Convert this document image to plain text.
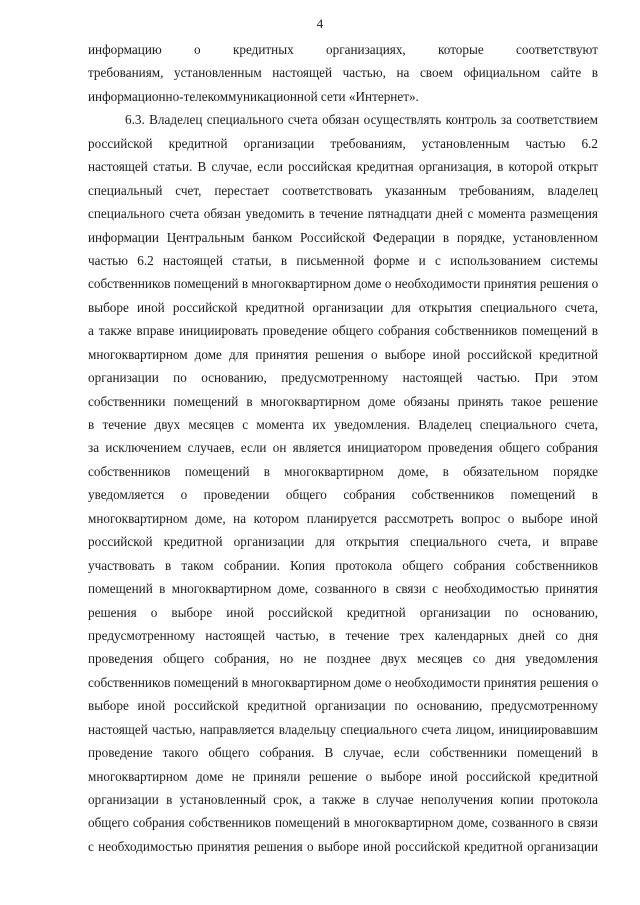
4
информацию о кредитных организациях, которые соответствуют
требованиям, установленным настоящей частью, на своем официальном сайте в
информационно-телекоммуникационной сети «Интернет».
6.3. Владелец специального счета обязан осуществлять контроль за соответствием
российской кредитной организации требованиям, установленным частью 6.2
настоящей статьи. В случае, если российская кредитная организация, в которой открыт
специальный счет, перестает соответствовать указанным требованиям, владелец
специального счета обязан уведомить в течение пятнадцати дней с момента размещения
информации Центральным банком Российской Федерации в порядке, установленном
частью 6.2 настоящей статьи, в письменной форме и с использованием системы
собственников помещений в многоквартирном доме о необходимости принятия решения о
выборе иной российской кредитной организации для открытия специального счета,
а также вправе инициировать проведение общего собрания собственников помещений в
многоквартирном доме для принятия решения о выборе иной российской кредитной
организации по основанию, предусмотренному настоящей частью. При этом
собственники помещений в многоквартирном доме обязаны принять такое решение
в течение двух месяцев с момента их уведомления. Владелец специального счета,
за исключением случаев, если он является инициатором проведения общего собрания
собственников помещений в многоквартирном доме, в обязательном порядке
уведомляется о проведении общего собрания собственников помещений в
многоквартирном доме, на котором планируется рассмотреть вопрос о выборе иной
российской кредитной организации для открытия специального счета, и вправе
участвовать в таком собрании. Копия протокола общего собрания собственников
помещений в многоквартирном доме, созванного в связи с необходимостью принятия
решения о выборе иной российской кредитной организации по основанию,
предусмотренному настоящей частью, в течение трех календарных дней со дня
проведения общего собрания, но не позднее двух месяцев со дня уведомления
собственников помещений в многоквартирном доме о необходимости принятия решения о
выборе иной российской кредитной организации по основанию, предусмотренному
настоящей частью, направляется владельцу специального счета лицом, инициировавшим
проведение такого общего собрания. В случае, если собственники помещений в
многоквартирном доме не приняли решение о выборе иной российской кредитной
организации в установленный срок, а также в случае неполучения копии протокола
общего собрания собственников помещений в многоквартирном доме, созванного в связи
с необходимостью принятия решения о выборе иной российской кредитной организации
